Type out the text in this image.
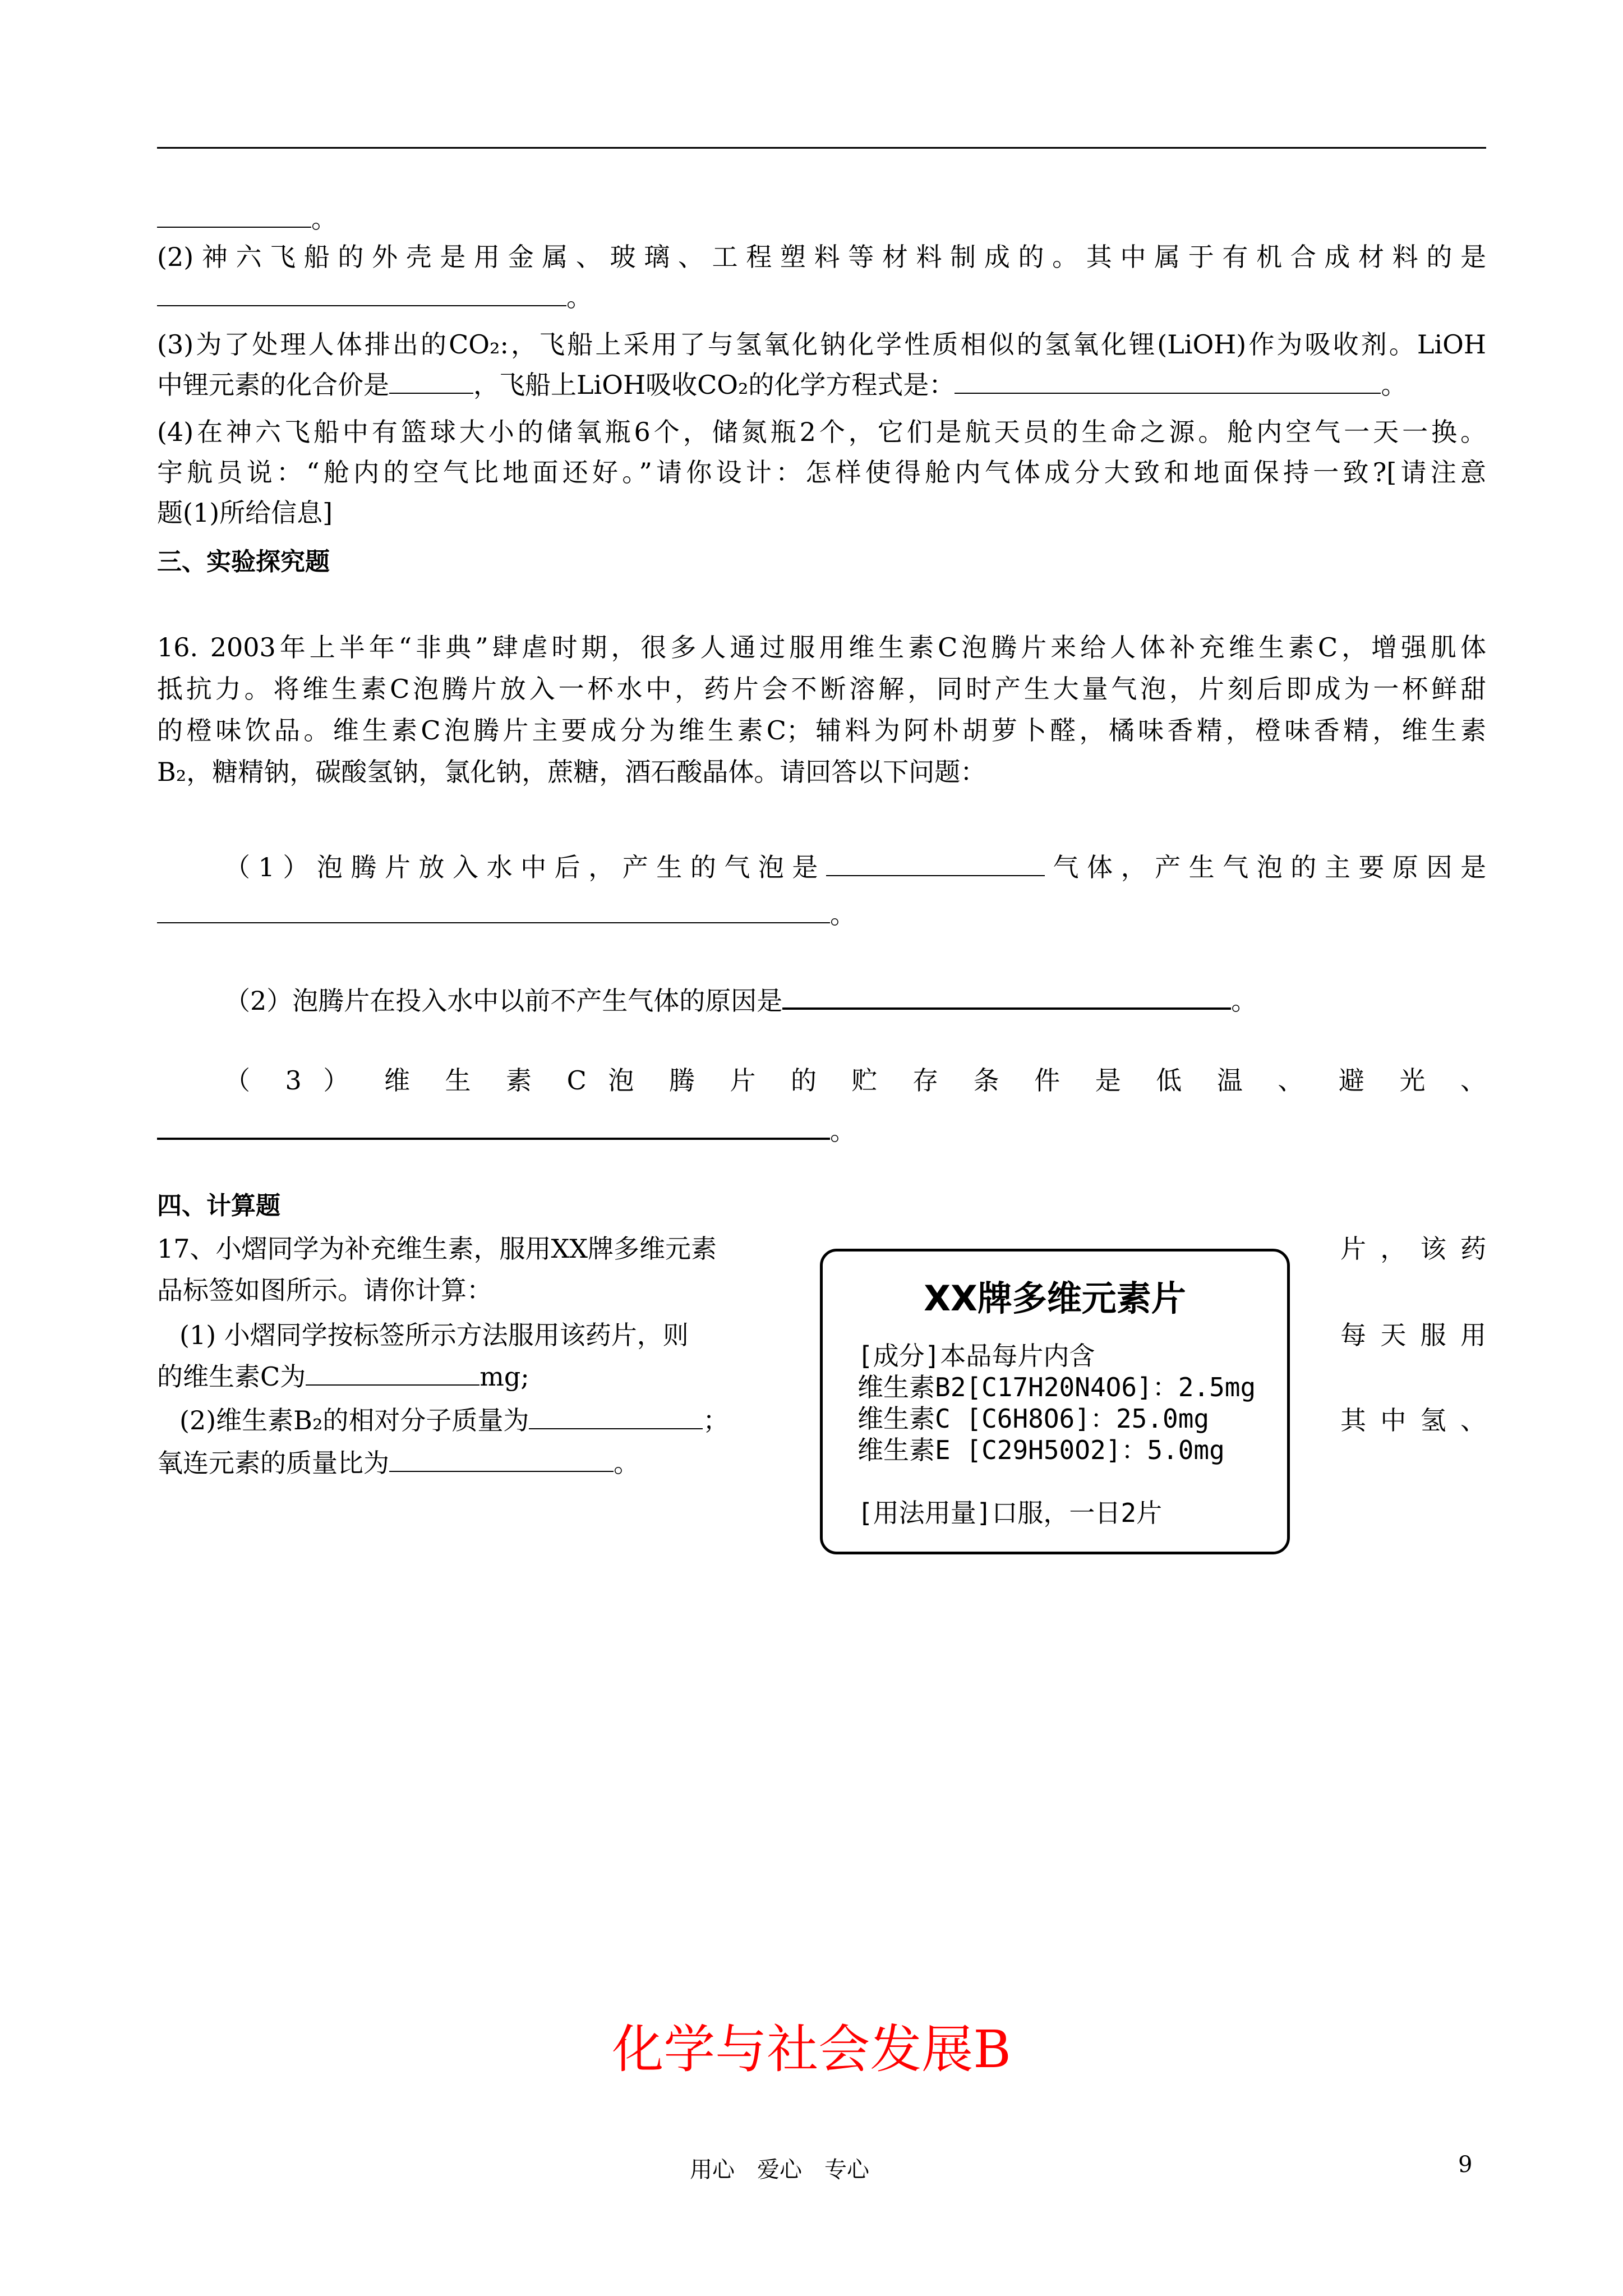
。
(2)神六飞船的外壳是用金属、玻璃、工程塑料等材料制成的。其中属于有机合成材料的是
。
(3)为了处理人体排出的CO₂:，飞船上采用了与氢氧化钠化学性质相似的氢氧化锂(LiOH)作为吸收剂。LiOH
中锂元素的化合价是	，飞船上LiOH吸收CO₂的化学方程式是：	。
(4)在神六飞船中有篮球大小的储氧瓶6个，储氮瓶2个，它们是航天员的生命之源。舱内空气一天一换。
宇航员说：“舱内的空气比地面还好。”请你设计：怎样使得舱内气体成分大致和地面保持一致?[请注意
题(1)所给信息]
三、实验探究题
16. 2003年上半年“非典”肆虐时期，很多人通过服用维生素C泡腾片来给人体补充维生素C，增强肌体
抵抗力。将维生素C泡腾片放入一杯水中，药片会不断溶解，同时产生大量气泡，片刻后即成为一杯鲜甜
的橙味饮品。维生素C泡腾片主要成分为维生素C；辅料为阿朴胡萝卜醛，橘味香精，橙味香精，维生素
B₂，糖精钠，碳酸氢钠，氯化钠，蔗糖，酒石酸晶体。请回答以下问题：
（1）泡腾片放入水中后，产生的气泡是	气体，产生气泡的主要原因是
。
（2）泡腾片在投入水中以前不产生气体的原因是	。
（ 3 ） 维 生 素 C 泡 腾 片 的 贮 存 条 件 是 低 温 、 避 光 、
。
四、计算题
17、小熠同学为补充维生素，服用XX牌多维元素	片，该药
品标签如图所示。请你计算：
(1) 小熠同学按标签所示方法服用该药片，则	每天服用
的维生素C为	mg;
(2)维生素B₂的相对分子质量为	；	其中氢、
氧连元素的质量比为	。
XX牌多维元素片
[成分]本品每片内含
维生素B2[C17H20N4O6]：2.5mg
维生素C [C6H8O6]：25.0mg
维生素E [C29H50O2]：5.0mg
[用法用量]口服，一日2片
化学与社会发展B
用心　爱心　专心	9
